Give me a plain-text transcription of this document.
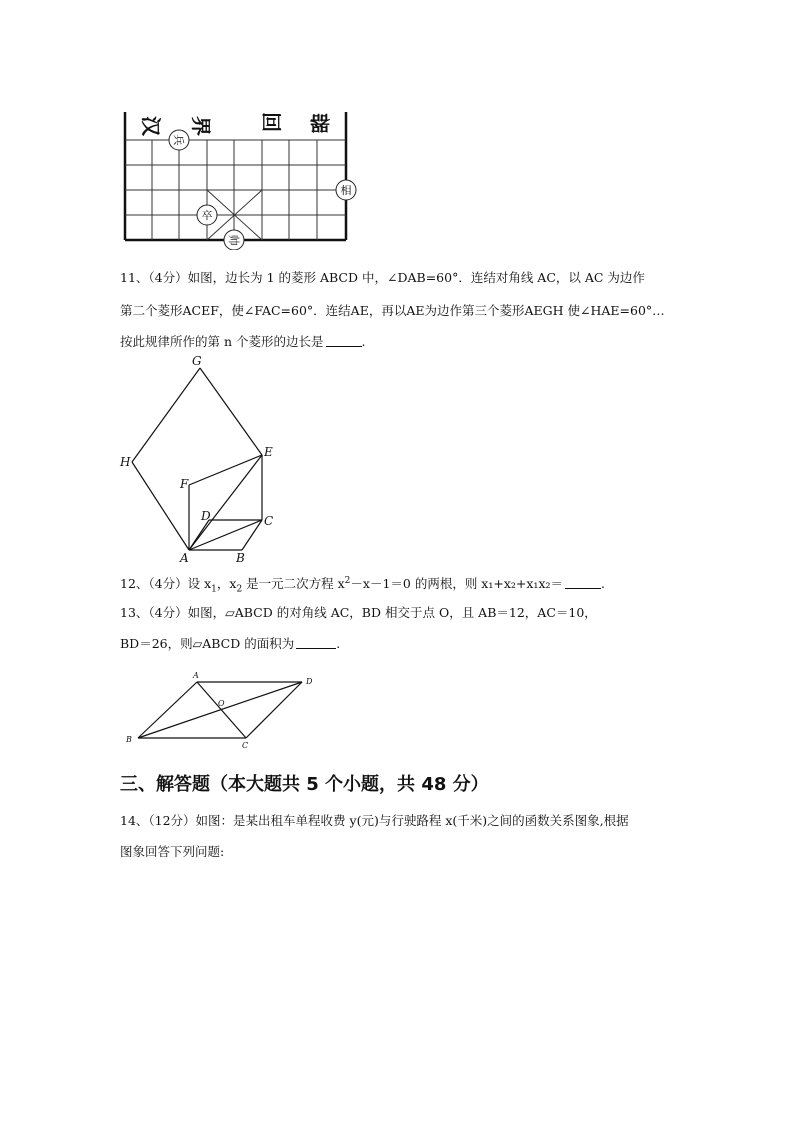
汉 界 回 器
兵
相
卒
帅
11、（4分）如图，边长为 1 的菱形 ABCD 中，∠DAB=60°．连结对角线 AC，以 AC 为边作
第二个菱形ACEF，使∠FAC=60°．连结AE，再以AE为边作第三个菱形AEGH 使∠HAE=60°…
按此规律所作的第 n 个菱形的边长是	.
G
H
E
F
D	C
A	B
12、（4分）设 $x_1$，$x_2$ 是一元二次方程 $x^2-x-1=0$ 的两根，则 x₁+x₂+x₁x₂＝	.
13、（4分）如图，▱ABCD 的对角线 AC，BD 相交于点 O，且 AB＝12，AC＝10，
BD＝26，则▱ABCD 的面积为	.
A
D
O
B
C
三、解答题（本大题共 5 个小题，共 48 分）
14、（12分）如图：是某出租车单程收费 y(元)与行驶路程 x(千米)之间的函数关系图象,根据
图象回答下列问题:
